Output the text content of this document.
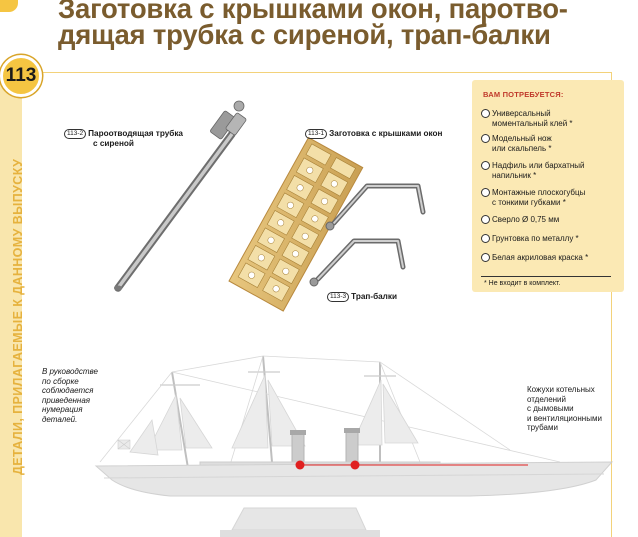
Заготовка с крышками окон, паротво-
дящая трубка с сиреной, трап-балки
ДЕТАЛИ, ПРИЛАГАЕМЫЕ К ДАННОМУ ВЫПУСКУ
113
113-2 Пароотводящая трубка
с сиреной
113-1 Заготовка с крышками окон
113-3 Трап-балки
ВАМ ПОТРЕБУЕТСЯ:
Универсальный
моментальный клей *
Модельный нож
или скальпель *
Надфиль или бархатный
напильник *
Монтажные плоскогубцы
с тонкими губками *
Сверло Ø 0,75 мм
Грунтовка по металлу *
Белая акриловая краска *
* Не входит в комплект.
В руководстве
по сборке
соблюдается
приведенная
нумерация
деталей.
Кожухи котельных
отделений
с дымовыми
и вентиляционными
трубами
